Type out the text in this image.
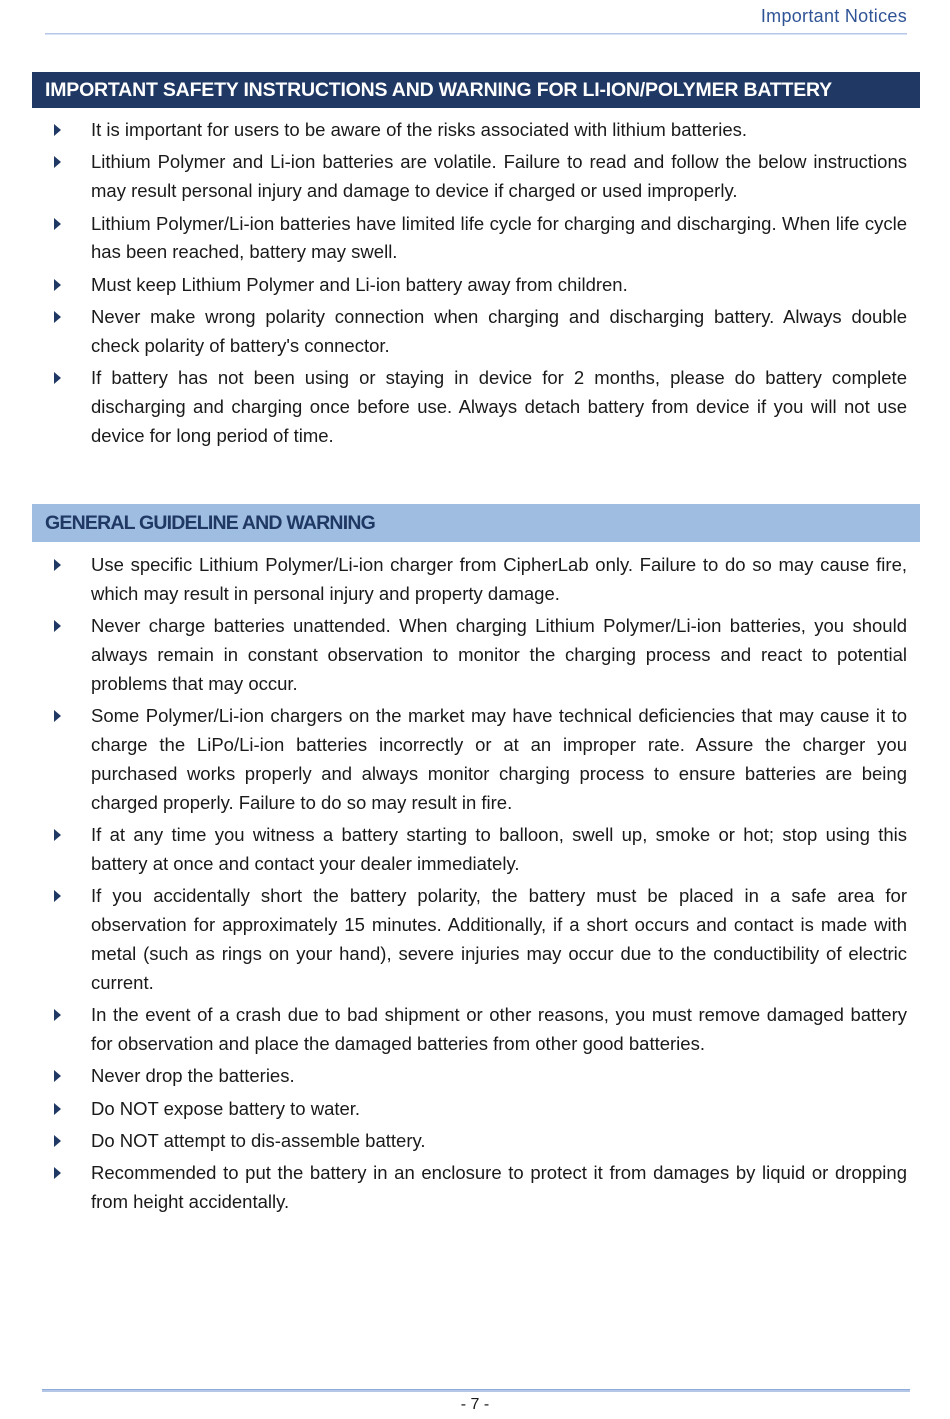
Important Notices
IMPORTANT SAFETY INSTRUCTIONS AND WARNING FOR LI-ION/POLYMER BATTERY
It is important for users to be aware of the risks associated with lithium batteries.
Lithium Polymer and Li-ion batteries are volatile. Failure to read and follow the below instructions may result personal injury and damage to device if charged or used improperly.
Lithium Polymer/Li-ion batteries have limited life cycle for charging and discharging. When life cycle has been reached, battery may swell.
Must keep Lithium Polymer and Li-ion battery away from children.
Never make wrong polarity connection when charging and discharging battery. Always double check polarity of battery's connector.
If battery has not been using or staying in device for 2 months, please do battery complete discharging and charging once before use. Always detach battery from device if you will not use device for long period of time.
GENERAL GUIDELINE AND WARNING
Use specific Lithium Polymer/Li-ion charger from CipherLab only. Failure to do so may cause fire, which may result in personal injury and property damage.
Never charge batteries unattended. When charging Lithium Polymer/Li-ion batteries, you should always remain in constant observation to monitor the charging process and react to potential problems that may occur.
Some Polymer/Li-ion chargers on the market may have technical deficiencies that may cause it to charge the LiPo/Li-ion batteries incorrectly or at an improper rate. Assure the charger you purchased works properly and always monitor charging process to ensure batteries are being charged properly. Failure to do so may result in fire.
If at any time you witness a battery starting to balloon, swell up, smoke or hot; stop using this battery at once and contact your dealer immediately.
If you accidentally short the battery polarity, the battery must be placed in a safe area for observation for approximately 15 minutes. Additionally, if a short occurs and contact is made with metal (such as rings on your hand), severe injuries may occur due to the conductibility of electric current.
In the event of a crash due to bad shipment or other reasons, you must remove damaged battery for observation and place the damaged batteries from other good batteries.
Never drop the batteries.
Do NOT expose battery to water.
Do NOT attempt to dis-assemble battery.
Recommended to put the battery in an enclosure to protect it from damages by liquid or dropping from height accidentally.
- 7 -
